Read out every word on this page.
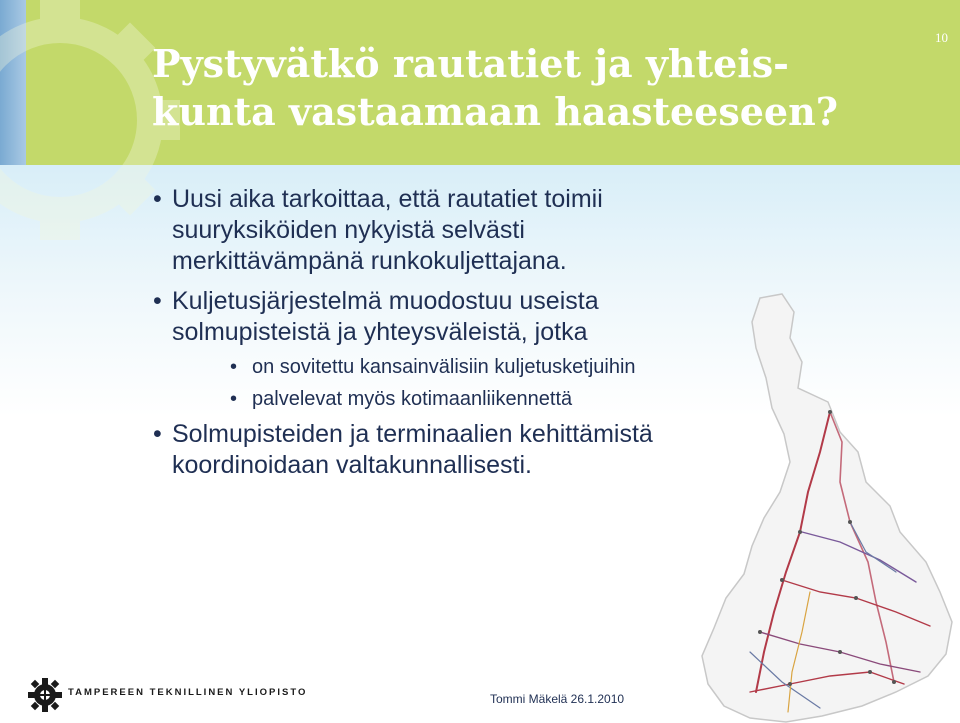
10
Pystyvätkö rautatiet ja yhteis-
kunta vastaamaan haasteeseen?
• Uusi aika tarkoittaa, että rautatiet toimii suuryksiköiden nykyistä selvästi merkittävämpänä runkokuljettajana.
• Kuljetusjärjestelmä muodostuu useista solmupisteistä ja yhteysväleistä, jotka
• on sovitettu kansainvälisiin kuljetusketjuihin
• palvelevat myös kotimaanliikennettä
• Solmupisteiden ja terminaalien kehittämistä koordinoidaan valtakunnallisesti.
TAMPEREEN TEKNILLINEN YLIOPISTO	Tommi Mäkelä 26.1.2010
